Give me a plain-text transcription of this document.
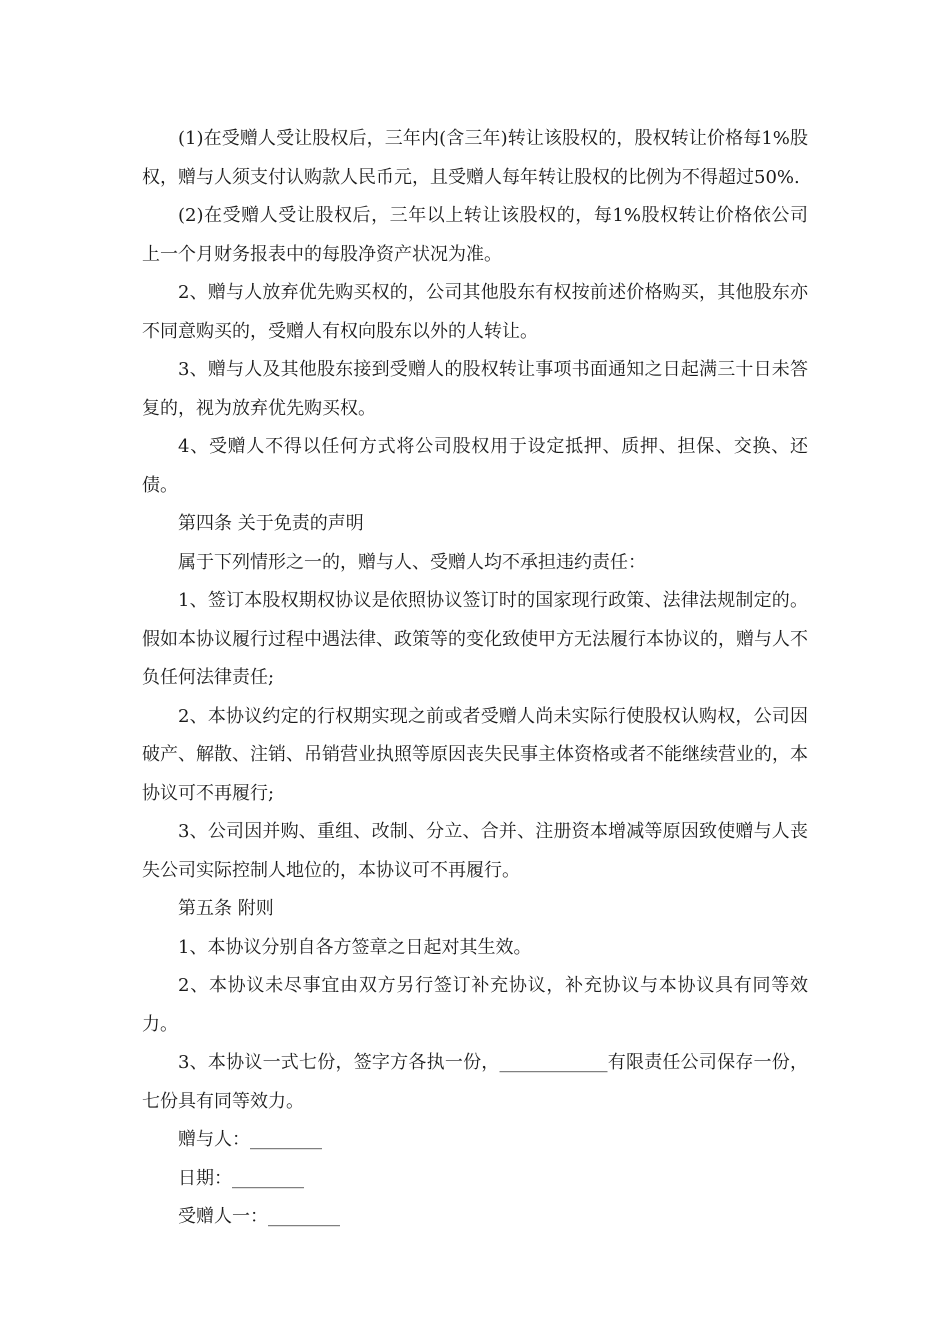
(1)在受赠人受让股权后，三年内(含三年)转让该股权的，股权转让价格每1%股权，赠与人须支付认购款人民币元，且受赠人每年转让股权的比例为不得超过50%.

(2)在受赠人受让股权后，三年以上转让该股权的，每1%股权转让价格依公司上一个月财务报表中的每股净资产状况为准。

2、赠与人放弃优先购买权的，公司其他股东有权按前述价格购买，其他股东亦不同意购买的，受赠人有权向股东以外的人转让。

3、赠与人及其他股东接到受赠人的股权转让事项书面通知之日起满三十日未答复的，视为放弃优先购买权。

4、受赠人不得以任何方式将公司股权用于设定抵押、质押、担保、交换、还债。

第四条 关于免责的声明

属于下列情形之一的，赠与人、受赠人均不承担违约责任：

1、签订本股权期权协议是依照协议签订时的国家现行政策、法律法规制定的。假如本协议履行过程中遇法律、政策等的变化致使甲方无法履行本协议的，赠与人不负任何法律责任;

2、本协议约定的行权期实现之前或者受赠人尚未实际行使股权认购权，公司因破产、解散、注销、吊销营业执照等原因丧失民事主体资格或者不能继续营业的，本协议可不再履行;

3、公司因并购、重组、改制、分立、合并、注册资本增减等原因致使赠与人丧失公司实际控制人地位的，本协议可不再履行。

第五条 附则

1、本协议分别自各方签章之日起对其生效。

2、本协议未尽事宜由双方另行签订补充协议，补充协议与本协议具有同等效力。

3、本协议一式七份，签字方各执一份，____________有限责任公司保存一份，七份具有同等效力。

赠与人：________

日期：________

受赠人一：________
